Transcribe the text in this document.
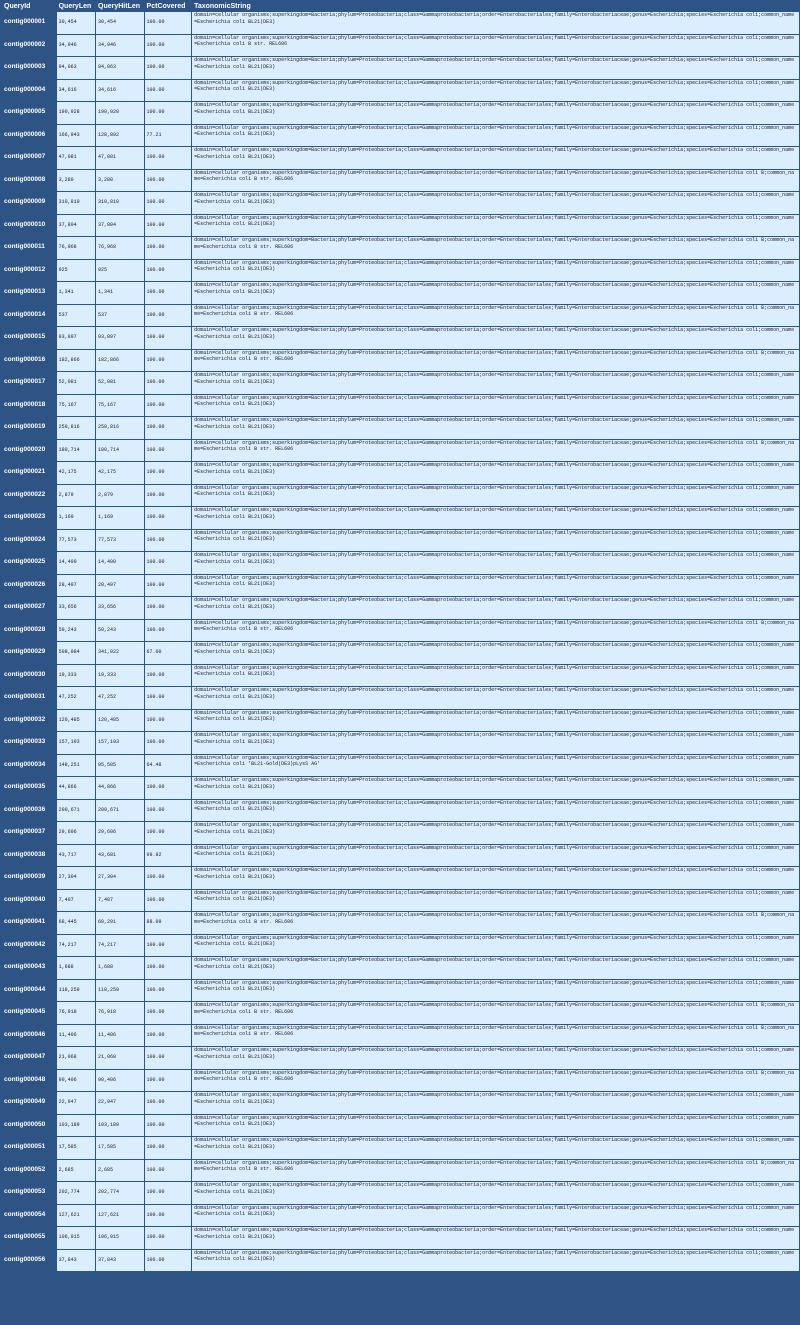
QueryId	QueryLen	QueryHitLen	PctCovered	TaxonomicString
contig000001	30,454	30,454	100.00	domain=cellular organisms;superkingdom=Bacteria;phylum=Proteobacteria;class=Gammaproteobacteria;order=Enterobacteriales;family=Enterobacteriaceae;genus=Escherichia;species=Escherichia coli;common_name=Escherichia coli BL21(DE3)
contig000002	34,946	34,946	100.00	domain=cellular organisms;superkingdom=Bacteria;phylum=Proteobacteria;class=Gammaproteobacteria;order=Enterobacteriales;family=Enterobacteriaceae;genus=Escherichia;species=Escherichia coli;common_name=Escherichia coli B str. REL606
contig000003	94,063	94,063	100.00	domain=cellular organisms;superkingdom=Bacteria;phylum=Proteobacteria;class=Gammaproteobacteria;order=Enterobacteriales;family=Enterobacteriaceae;genus=Escherichia;species=Escherichia coli;common_name=Escherichia coli BL21(DE3)
contig000004	34,616	34,616	100.00	domain=cellular organisms;superkingdom=Bacteria;phylum=Proteobacteria;class=Gammaproteobacteria;order=Enterobacteriales;family=Enterobacteriaceae;genus=Escherichia;species=Escherichia coli;common_name=Escherichia coli BL21(DE3)
contig000005	190,928	190,928	100.00	domain=cellular organisms;superkingdom=Bacteria;phylum=Proteobacteria;class=Gammaproteobacteria;order=Enterobacteriales;family=Enterobacteriaceae;genus=Escherichia;species=Escherichia coli;common_name=Escherichia coli BL21(DE3)
contig000006	166,943	128,892	77.21	domain=cellular organisms;superkingdom=Bacteria;phylum=Proteobacteria;class=Gammaproteobacteria;order=Enterobacteriales;family=Enterobacteriaceae;genus=Escherichia;species=Escherichia coli;common_name=Escherichia coli BL21(DE3)
contig000007	47,081	47,081	100.00	domain=cellular organisms;superkingdom=Bacteria;phylum=Proteobacteria;class=Gammaproteobacteria;order=Enterobacteriales;family=Enterobacteriaceae;genus=Escherichia;species=Escherichia coli;common_name=Escherichia coli BL21(DE3)
contig000008	3,280	3,280	100.00	domain=cellular organisms;superkingdom=Bacteria;phylum=Proteobacteria;class=Gammaproteobacteria;order=Enterobacteriales;family=Enterobacteriaceae;genus=Escherichia;species=Escherichia coli B;common_name=Escherichia coli B str. REL606
contig000009	310,810	310,810	100.00	domain=cellular organisms;superkingdom=Bacteria;phylum=Proteobacteria;class=Gammaproteobacteria;order=Enterobacteriales;family=Enterobacteriaceae;genus=Escherichia;species=Escherichia coli;common_name=Escherichia coli BL21(DE3)
contig000010	37,804	37,804	100.00	domain=cellular organisms;superkingdom=Bacteria;phylum=Proteobacteria;class=Gammaproteobacteria;order=Enterobacteriales;family=Enterobacteriaceae;genus=Escherichia;species=Escherichia coli;common_name=Escherichia coli BL21(DE3)
contig000011	76,968	76,968	100.00	domain=cellular organisms;superkingdom=Bacteria;phylum=Proteobacteria;class=Gammaproteobacteria;order=Enterobacteriales;family=Enterobacteriaceae;genus=Escherichia;species=Escherichia coli B;common_name=Escherichia coli B str. REL606
contig000012	925	925	100.00	domain=cellular organisms;superkingdom=Bacteria;phylum=Proteobacteria;class=Gammaproteobacteria;order=Enterobacteriales;family=Enterobacteriaceae;genus=Escherichia;species=Escherichia coli;common_name=Escherichia coli BL21(DE3)
contig000013	1,341	1,341	100.00	domain=cellular organisms;superkingdom=Bacteria;phylum=Proteobacteria;class=Gammaproteobacteria;order=Enterobacteriales;family=Enterobacteriaceae;genus=Escherichia;species=Escherichia coli;common_name=Escherichia coli BL21(DE3)
contig000014	537	537	100.00	domain=cellular organisms;superkingdom=Bacteria;phylum=Proteobacteria;class=Gammaproteobacteria;order=Enterobacteriales;family=Enterobacteriaceae;genus=Escherichia;species=Escherichia coli B;common_name=Escherichia coli B str. REL606
contig000015	93,897	93,897	100.00	domain=cellular organisms;superkingdom=Bacteria;phylum=Proteobacteria;class=Gammaproteobacteria;order=Enterobacteriales;family=Enterobacteriaceae;genus=Escherichia;species=Escherichia coli;common_name=Escherichia coli BL21(DE3)
contig000016	182,866	182,866	100.00	domain=cellular organisms;superkingdom=Bacteria;phylum=Proteobacteria;class=Gammaproteobacteria;order=Enterobacteriales;family=Enterobacteriaceae;genus=Escherichia;species=Escherichia coli B;common_name=Escherichia coli B str. REL606
contig000017	52,081	52,081	100.00	domain=cellular organisms;superkingdom=Bacteria;phylum=Proteobacteria;class=Gammaproteobacteria;order=Enterobacteriales;family=Enterobacteriaceae;genus=Escherichia;species=Escherichia coli;common_name=Escherichia coli BL21(DE3)
contig000018	75,167	75,167	100.00	domain=cellular organisms;superkingdom=Bacteria;phylum=Proteobacteria;class=Gammaproteobacteria;order=Enterobacteriales;family=Enterobacteriaceae;genus=Escherichia;species=Escherichia coli;common_name=Escherichia coli BL21(DE3)
contig000019	250,816	250,816	100.00	domain=cellular organisms;superkingdom=Bacteria;phylum=Proteobacteria;class=Gammaproteobacteria;order=Enterobacteriales;family=Enterobacteriaceae;genus=Escherichia;species=Escherichia coli;common_name=Escherichia coli BL21(DE3)
contig000020	180,714	180,714	100.00	domain=cellular organisms;superkingdom=Bacteria;phylum=Proteobacteria;class=Gammaproteobacteria;order=Enterobacteriales;family=Enterobacteriaceae;genus=Escherichia;species=Escherichia coli B;common_name=Escherichia coli B str. REL606
contig000021	42,175	42,175	100.00	domain=cellular organisms;superkingdom=Bacteria;phylum=Proteobacteria;class=Gammaproteobacteria;order=Enterobacteriales;family=Enterobacteriaceae;genus=Escherichia;species=Escherichia coli;common_name=Escherichia coli BL21(DE3)
contig000022	2,879	2,879	100.00	domain=cellular organisms;superkingdom=Bacteria;phylum=Proteobacteria;class=Gammaproteobacteria;order=Enterobacteriales;family=Enterobacteriaceae;genus=Escherichia;species=Escherichia coli;common_name=Escherichia coli BL21(DE3)
contig000023	1,169	1,169	100.00	domain=cellular organisms;superkingdom=Bacteria;phylum=Proteobacteria;class=Gammaproteobacteria;order=Enterobacteriales;family=Enterobacteriaceae;genus=Escherichia;species=Escherichia coli;common_name=Escherichia coli BL21(DE3)
contig000024	77,573	77,573	100.00	domain=cellular organisms;superkingdom=Bacteria;phylum=Proteobacteria;class=Gammaproteobacteria;order=Enterobacteriales;family=Enterobacteriaceae;genus=Escherichia;species=Escherichia coli;common_name=Escherichia coli BL21(DE3)
contig000025	14,400	14,400	100.00	domain=cellular organisms;superkingdom=Bacteria;phylum=Proteobacteria;class=Gammaproteobacteria;order=Enterobacteriales;family=Enterobacteriaceae;genus=Escherichia;species=Escherichia coli;common_name=Escherichia coli BL21(DE3)
contig000026	28,497	28,497	100.00	domain=cellular organisms;superkingdom=Bacteria;phylum=Proteobacteria;class=Gammaproteobacteria;order=Enterobacteriales;family=Enterobacteriaceae;genus=Escherichia;species=Escherichia coli;common_name=Escherichia coli BL21(DE3)
contig000027	33,656	33,656	100.00	domain=cellular organisms;superkingdom=Bacteria;phylum=Proteobacteria;class=Gammaproteobacteria;order=Enterobacteriales;family=Enterobacteriaceae;genus=Escherichia;species=Escherichia coli;common_name=Escherichia coli BL21(DE3)
contig000028	59,243	59,243	100.00	domain=cellular organisms;superkingdom=Bacteria;phylum=Proteobacteria;class=Gammaproteobacteria;order=Enterobacteriales;family=Enterobacteriaceae;genus=Escherichia;species=Escherichia coli B;common_name=Escherichia coli B str. REL606
contig000029	508,984	341,022	67.00	domain=cellular organisms;superkingdom=Bacteria;phylum=Proteobacteria;class=Gammaproteobacteria;order=Enterobacteriales;family=Enterobacteriaceae;genus=Escherichia;species=Escherichia coli;common_name=Escherichia coli BL21(DE3)
contig000030	19,333	19,333	100.00	domain=cellular organisms;superkingdom=Bacteria;phylum=Proteobacteria;class=Gammaproteobacteria;order=Enterobacteriales;family=Enterobacteriaceae;genus=Escherichia;species=Escherichia coli;common_name=Escherichia coli BL21(DE3)
contig000031	47,252	47,252	100.00	domain=cellular organisms;superkingdom=Bacteria;phylum=Proteobacteria;class=Gammaproteobacteria;order=Enterobacteriales;family=Enterobacteriaceae;genus=Escherichia;species=Escherichia coli;common_name=Escherichia coli BL21(DE3)
contig000032	120,485	120,485	100.00	domain=cellular organisms;superkingdom=Bacteria;phylum=Proteobacteria;class=Gammaproteobacteria;order=Enterobacteriales;family=Enterobacteriaceae;genus=Escherichia;species=Escherichia coli;common_name=Escherichia coli BL21(DE3)
contig000033	157,193	157,193	100.00	domain=cellular organisms;superkingdom=Bacteria;phylum=Proteobacteria;class=Gammaproteobacteria;order=Enterobacteriales;family=Enterobacteriaceae;genus=Escherichia;species=Escherichia coli;common_name=Escherichia coli BL21(DE3)
contig000034	148,251	95,585	64.48	domain=cellular organisms;superkingdom=Bacteria;phylum=Proteobacteria;class=Gammaproteobacteria;order=Enterobacteriales;family=Enterobacteriaceae;genus=Escherichia;species=Escherichia coli;common_name=Escherichia coli 'BL21-Gold(DE3)pLysS AG'
contig000035	44,866	44,866	100.00	domain=cellular organisms;superkingdom=Bacteria;phylum=Proteobacteria;class=Gammaproteobacteria;order=Enterobacteriales;family=Enterobacteriaceae;genus=Escherichia;species=Escherichia coli;common_name=Escherichia coli BL21(DE3)
contig000036	200,671	200,671	100.00	domain=cellular organisms;superkingdom=Bacteria;phylum=Proteobacteria;class=Gammaproteobacteria;order=Enterobacteriales;family=Enterobacteriaceae;genus=Escherichia;species=Escherichia coli;common_name=Escherichia coli BL21(DE3)
contig000037	29,606	29,606	100.00	domain=cellular organisms;superkingdom=Bacteria;phylum=Proteobacteria;class=Gammaproteobacteria;order=Enterobacteriales;family=Enterobacteriaceae;genus=Escherichia;species=Escherichia coli;common_name=Escherichia coli BL21(DE3)
contig000038	43,717	43,681	99.92	domain=cellular organisms;superkingdom=Bacteria;phylum=Proteobacteria;class=Gammaproteobacteria;order=Enterobacteriales;family=Enterobacteriaceae;genus=Escherichia;species=Escherichia coli;common_name=Escherichia coli BL21(DE3)
contig000039	27,304	27,304	100.00	domain=cellular organisms;superkingdom=Bacteria;phylum=Proteobacteria;class=Gammaproteobacteria;order=Enterobacteriales;family=Enterobacteriaceae;genus=Escherichia;species=Escherichia coli;common_name=Escherichia coli BL21(DE3)
contig000040	7,407	7,407	100.00	domain=cellular organisms;superkingdom=Bacteria;phylum=Proteobacteria;class=Gammaproteobacteria;order=Enterobacteriales;family=Enterobacteriaceae;genus=Escherichia;species=Escherichia coli;common_name=Escherichia coli BL21(DE3)
contig000041	68,445	60,291	88.09	domain=cellular organisms;superkingdom=Bacteria;phylum=Proteobacteria;class=Gammaproteobacteria;order=Enterobacteriales;family=Enterobacteriaceae;genus=Escherichia;species=Escherichia coli B;common_name=Escherichia coli B str. REL606
contig000042	74,217	74,217	100.00	domain=cellular organisms;superkingdom=Bacteria;phylum=Proteobacteria;class=Gammaproteobacteria;order=Enterobacteriales;family=Enterobacteriaceae;genus=Escherichia;species=Escherichia coli;common_name=Escherichia coli BL21(DE3)
contig000043	1,688	1,688	100.00	domain=cellular organisms;superkingdom=Bacteria;phylum=Proteobacteria;class=Gammaproteobacteria;order=Enterobacteriales;family=Enterobacteriaceae;genus=Escherichia;species=Escherichia coli;common_name=Escherichia coli BL21(DE3)
contig000044	118,259	118,259	100.00	domain=cellular organisms;superkingdom=Bacteria;phylum=Proteobacteria;class=Gammaproteobacteria;order=Enterobacteriales;family=Enterobacteriaceae;genus=Escherichia;species=Escherichia coli;common_name=Escherichia coli BL21(DE3)
contig000045	76,918	76,918	100.00	domain=cellular organisms;superkingdom=Bacteria;phylum=Proteobacteria;class=Gammaproteobacteria;order=Enterobacteriales;family=Enterobacteriaceae;genus=Escherichia;species=Escherichia coli B;common_name=Escherichia coli B str. REL606
contig000046	11,406	11,406	100.00	domain=cellular organisms;superkingdom=Bacteria;phylum=Proteobacteria;class=Gammaproteobacteria;order=Enterobacteriales;family=Enterobacteriaceae;genus=Escherichia;species=Escherichia coli B;common_name=Escherichia coli B str. REL606
contig000047	21,068	21,068	100.00	domain=cellular organisms;superkingdom=Bacteria;phylum=Proteobacteria;class=Gammaproteobacteria;order=Enterobacteriales;family=Enterobacteriaceae;genus=Escherichia;species=Escherichia coli;common_name=Escherichia coli BL21(DE3)
contig000048	90,406	90,406	100.00	domain=cellular organisms;superkingdom=Bacteria;phylum=Proteobacteria;class=Gammaproteobacteria;order=Enterobacteriales;family=Enterobacteriaceae;genus=Escherichia;species=Escherichia coli B;common_name=Escherichia coli B str. REL606
contig000049	22,947	22,947	100.00	domain=cellular organisms;superkingdom=Bacteria;phylum=Proteobacteria;class=Gammaproteobacteria;order=Enterobacteriales;family=Enterobacteriaceae;genus=Escherichia;species=Escherichia coli;common_name=Escherichia coli BL21(DE3)
contig000050	103,189	103,189	100.00	domain=cellular organisms;superkingdom=Bacteria;phylum=Proteobacteria;class=Gammaproteobacteria;order=Enterobacteriales;family=Enterobacteriaceae;genus=Escherichia;species=Escherichia coli;common_name=Escherichia coli BL21(DE3)
contig000051	17,585	17,585	100.00	domain=cellular organisms;superkingdom=Bacteria;phylum=Proteobacteria;class=Gammaproteobacteria;order=Enterobacteriales;family=Enterobacteriaceae;genus=Escherichia;species=Escherichia coli;common_name=Escherichia coli BL21(DE3)
contig000052	2,685	2,685	100.00	domain=cellular organisms;superkingdom=Bacteria;phylum=Proteobacteria;class=Gammaproteobacteria;order=Enterobacteriales;family=Enterobacteriaceae;genus=Escherichia;species=Escherichia coli B;common_name=Escherichia coli B str. REL606
contig000053	202,774	202,774	100.00	domain=cellular organisms;superkingdom=Bacteria;phylum=Proteobacteria;class=Gammaproteobacteria;order=Enterobacteriales;family=Enterobacteriaceae;genus=Escherichia;species=Escherichia coli;common_name=Escherichia coli BL21(DE3)
contig000054	127,621	127,621	100.00	domain=cellular organisms;superkingdom=Bacteria;phylum=Proteobacteria;class=Gammaproteobacteria;order=Enterobacteriales;family=Enterobacteriaceae;genus=Escherichia;species=Escherichia coli;common_name=Escherichia coli BL21(DE3)
contig000055	106,915	106,915	100.00	domain=cellular organisms;superkingdom=Bacteria;phylum=Proteobacteria;class=Gammaproteobacteria;order=Enterobacteriales;family=Enterobacteriaceae;genus=Escherichia;species=Escherichia coli;common_name=Escherichia coli BL21(DE3)
contig000056	37,843	37,843	100.00	domain=cellular organisms;superkingdom=Bacteria;phylum=Proteobacteria;class=Gammaproteobacteria;order=Enterobacteriales;family=Enterobacteriaceae;genus=Escherichia;species=Escherichia coli;common_name=Escherichia coli BL21(DE3)
